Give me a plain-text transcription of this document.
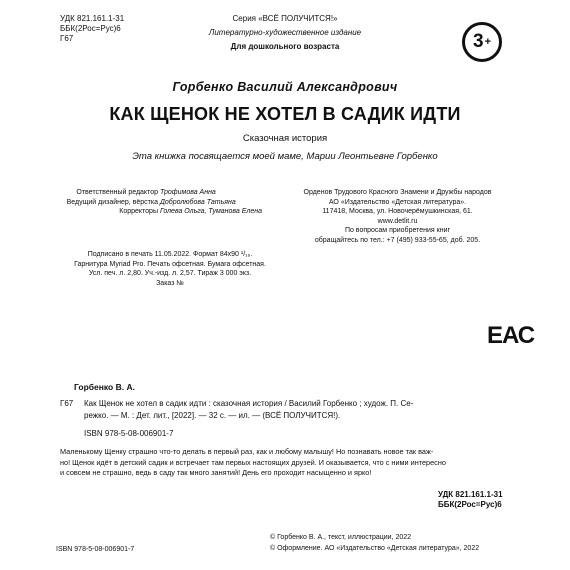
УДК 821.161.1-31
ББК(2Рос=Рус)6
Г67
Серия «ВСЁ ПОЛУЧИТСЯ!»
Литературно-художественное издание
Для дошкольного возраста	3 +
Горбенко Василий Александрович
КАК ЩЕНОК НЕ ХОТЕЛ В САДИК ИДТИ
Сказочная история
Эта книжка посвящается моей маме, Марии Леонтьевне Горбенко
Ответственный редактор Трофимова Анна
Ведущий дизайнер, вёрстка Добролюбова Татьяна
Корректоры Голева Ольга, Тумaнова Елена
Орденов Трудового Красного Знамени и Дружбы народов
АО «Издательство «Детская литература».
117418, Москва, ул. Новочерёмушкинская, 61.
www.detlit.ru
По вопросам приобретения книг
обращайтесь по тел.: +7 (495) 933-55-65, доб. 205.
Подписано в печать 11.05.2022. Формат 84х90 ¹/₁₆.
Гарнитура Myriad Pro. Печать офсетная. Бумага офсетная.
Усл. печ. л. 2,80. Уч.-изд. л. 2,57. Тираж 3 000 экз.
Заказ №
ЕАС
Горбенко В. А.
Г67 Как Щенок не хотел в садик идти : сказочная история / Василий Горбенко ; худож. П. Се-
режко. — М. : Дет. лит., [2022]. — 32 с. — ил. — (ВСЁ ПОЛУЧИТСЯ!).
ISBN 978-5-08-006901-7
Маленькому Щенку страшно что-то делать в первый раз, как и любому малышу! Но познавать новое так важ-
но! Щенок идёт в детский садик и встречает там первых настоящих друзей. И оказывается, что с ними интересно
и совсем не страшно, ведь в саду так много занятий! День его проходит насыщенно и ярко!
УДК 821.161.1-31
ББК(2Рос=Рус)6
ISBN 978-5-08-006901-7
© Горбенко В. А., текст, иллюстрации, 2022
© Оформление. АО «Издательство «Детская литература», 2022
